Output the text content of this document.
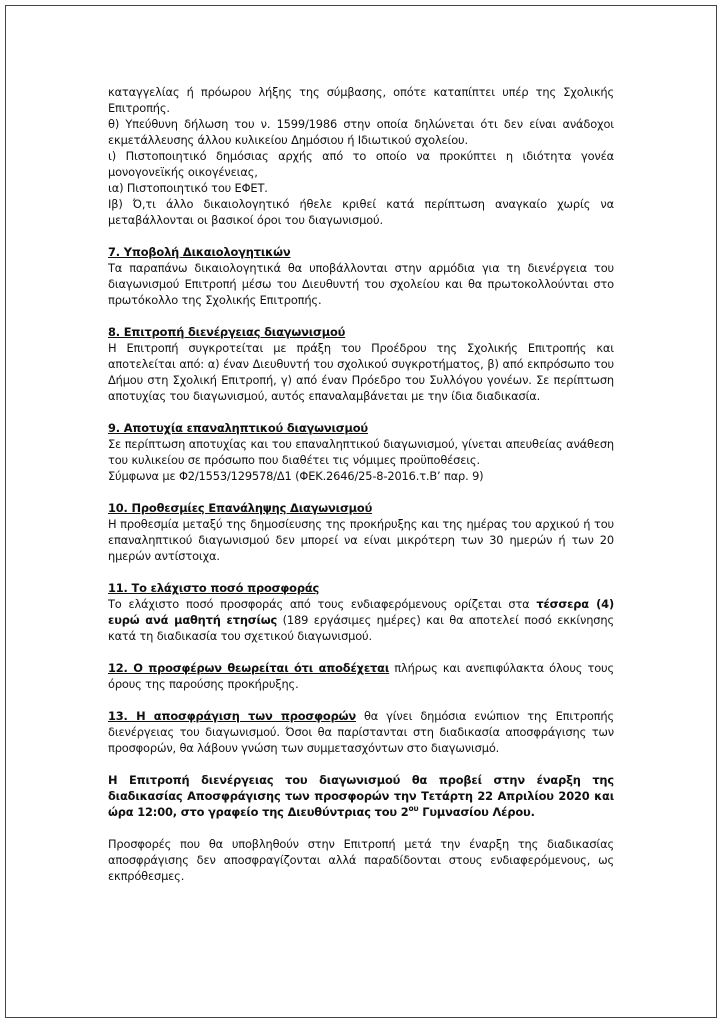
καταγγελίας ή πρόωρου λήξης της σύμβασης, οπότε καταπίπτει υπέρ της Σχολικής Επιτροπής.

θ) Υπεύθυνη δήλωση του ν. 1599/1986 στην οποία δηλώνεται ότι δεν είναι ανάδοχοι εκμετάλλευσης άλλου κυλικείου Δημόσιου ή Ιδιωτικού σχολείου.

ι) Πιστοποιητικό δημόσιας αρχής από το οποίο να προκύπτει η ιδιότητα γονέα μονογονεϊκής οικογένειας,

ια) Πιστοποιητικό του ΕΦΕΤ.

Ιβ) Ό,τι άλλο δικαιολογητικό ήθελε κριθεί κατά περίπτωση αναγκαίο χωρίς να μεταβάλλονται οι βασικοί όροι του διαγωνισμού.

7. Υποβολή Δικαιολογητικών

Τα παραπάνω δικαιολογητικά θα υποβάλλονται στην αρμόδια για τη διενέργεια του διαγωνισμού Επιτροπή μέσω του Διευθυντή του σχολείου και θα πρωτοκολλούνται στο πρωτόκολλο της Σχολικής Επιτροπής.

8. Επιτροπή διενέργειας διαγωνισμού

Η Επιτροπή συγκροτείται με πράξη του Προέδρου της Σχολικής Επιτροπής και αποτελείται από: α) έναν Διευθυντή του σχολικού συγκροτήματος, β) από εκπρόσωπο του Δήμου στη Σχολική Επιτροπή, γ) από έναν Πρόεδρο του Συλλόγου γονέων. Σε περίπτωση αποτυχίας του διαγωνισμού, αυτός επαναλαμβάνεται με την ίδια διαδικασία.

9. Αποτυχία επαναληπτικού διαγωνισμού

Σε περίπτωση αποτυχίας και του επαναληπτικού διαγωνισμού, γίνεται απευθείας ανάθεση του κυλικείου σε πρόσωπο που διαθέτει τις νόμιμες προϋποθέσεις.

Σύμφωνα με Φ2/1553/129578/Δ1 (ΦΕΚ.2646/25-8-2016.τ.Β’ παρ. 9)

10. Προθεσμίες Επανάληψης Διαγωνισμού

Η προθεσμία μεταξύ της δημοσίευσης της προκήρυξης και της ημέρας του αρχικού ή του επαναληπτικού διαγωνισμού δεν μπορεί να είναι μικρότερη των 30 ημερών ή των 20 ημερών αντίστοιχα.

11. Το ελάχιστο ποσό προσφοράς

Το ελάχιστο ποσό προσφοράς από τους ενδιαφερόμενους ορίζεται στα τέσσερα (4) ευρώ ανά μαθητή ετησίως (189 εργάσιμες ημέρες) και θα αποτελεί ποσό εκκίνησης κατά τη διαδικασία του σχετικού διαγωνισμού.

12. Ο προσφέρων θεωρείται ότι αποδέχεται πλήρως και ανεπιφύλακτα όλους τους όρους της παρούσης προκήρυξης.

13. Η αποσφράγιση των προσφορών θα γίνει δημόσια ενώπιον της Επιτροπής διενέργειας του διαγωνισμού. Όσοι θα παρίστανται στη διαδικασία αποσφράγισης των προσφορών, θα λάβουν γνώση των συμμετασχόντων στο διαγωνισμό.

Η Επιτροπή διενέργειας του διαγωνισμού θα προβεί στην έναρξη της διαδικασίας Αποσφράγισης των προσφορών την Τετάρτη 22 Απριλίου 2020 και ώρα 12:00, στο γραφείο της Διευθύντριας του $2^{o\upsilon}$ Γυμνασίου Λέρου.

Προσφορές που θα υποβληθούν στην Επιτροπή μετά την έναρξη της διαδικασίας αποσφράγισης δεν αποσφραγίζονται αλλά παραδίδονται στους ενδιαφερόμενους, ως εκπρόθεσμες.
